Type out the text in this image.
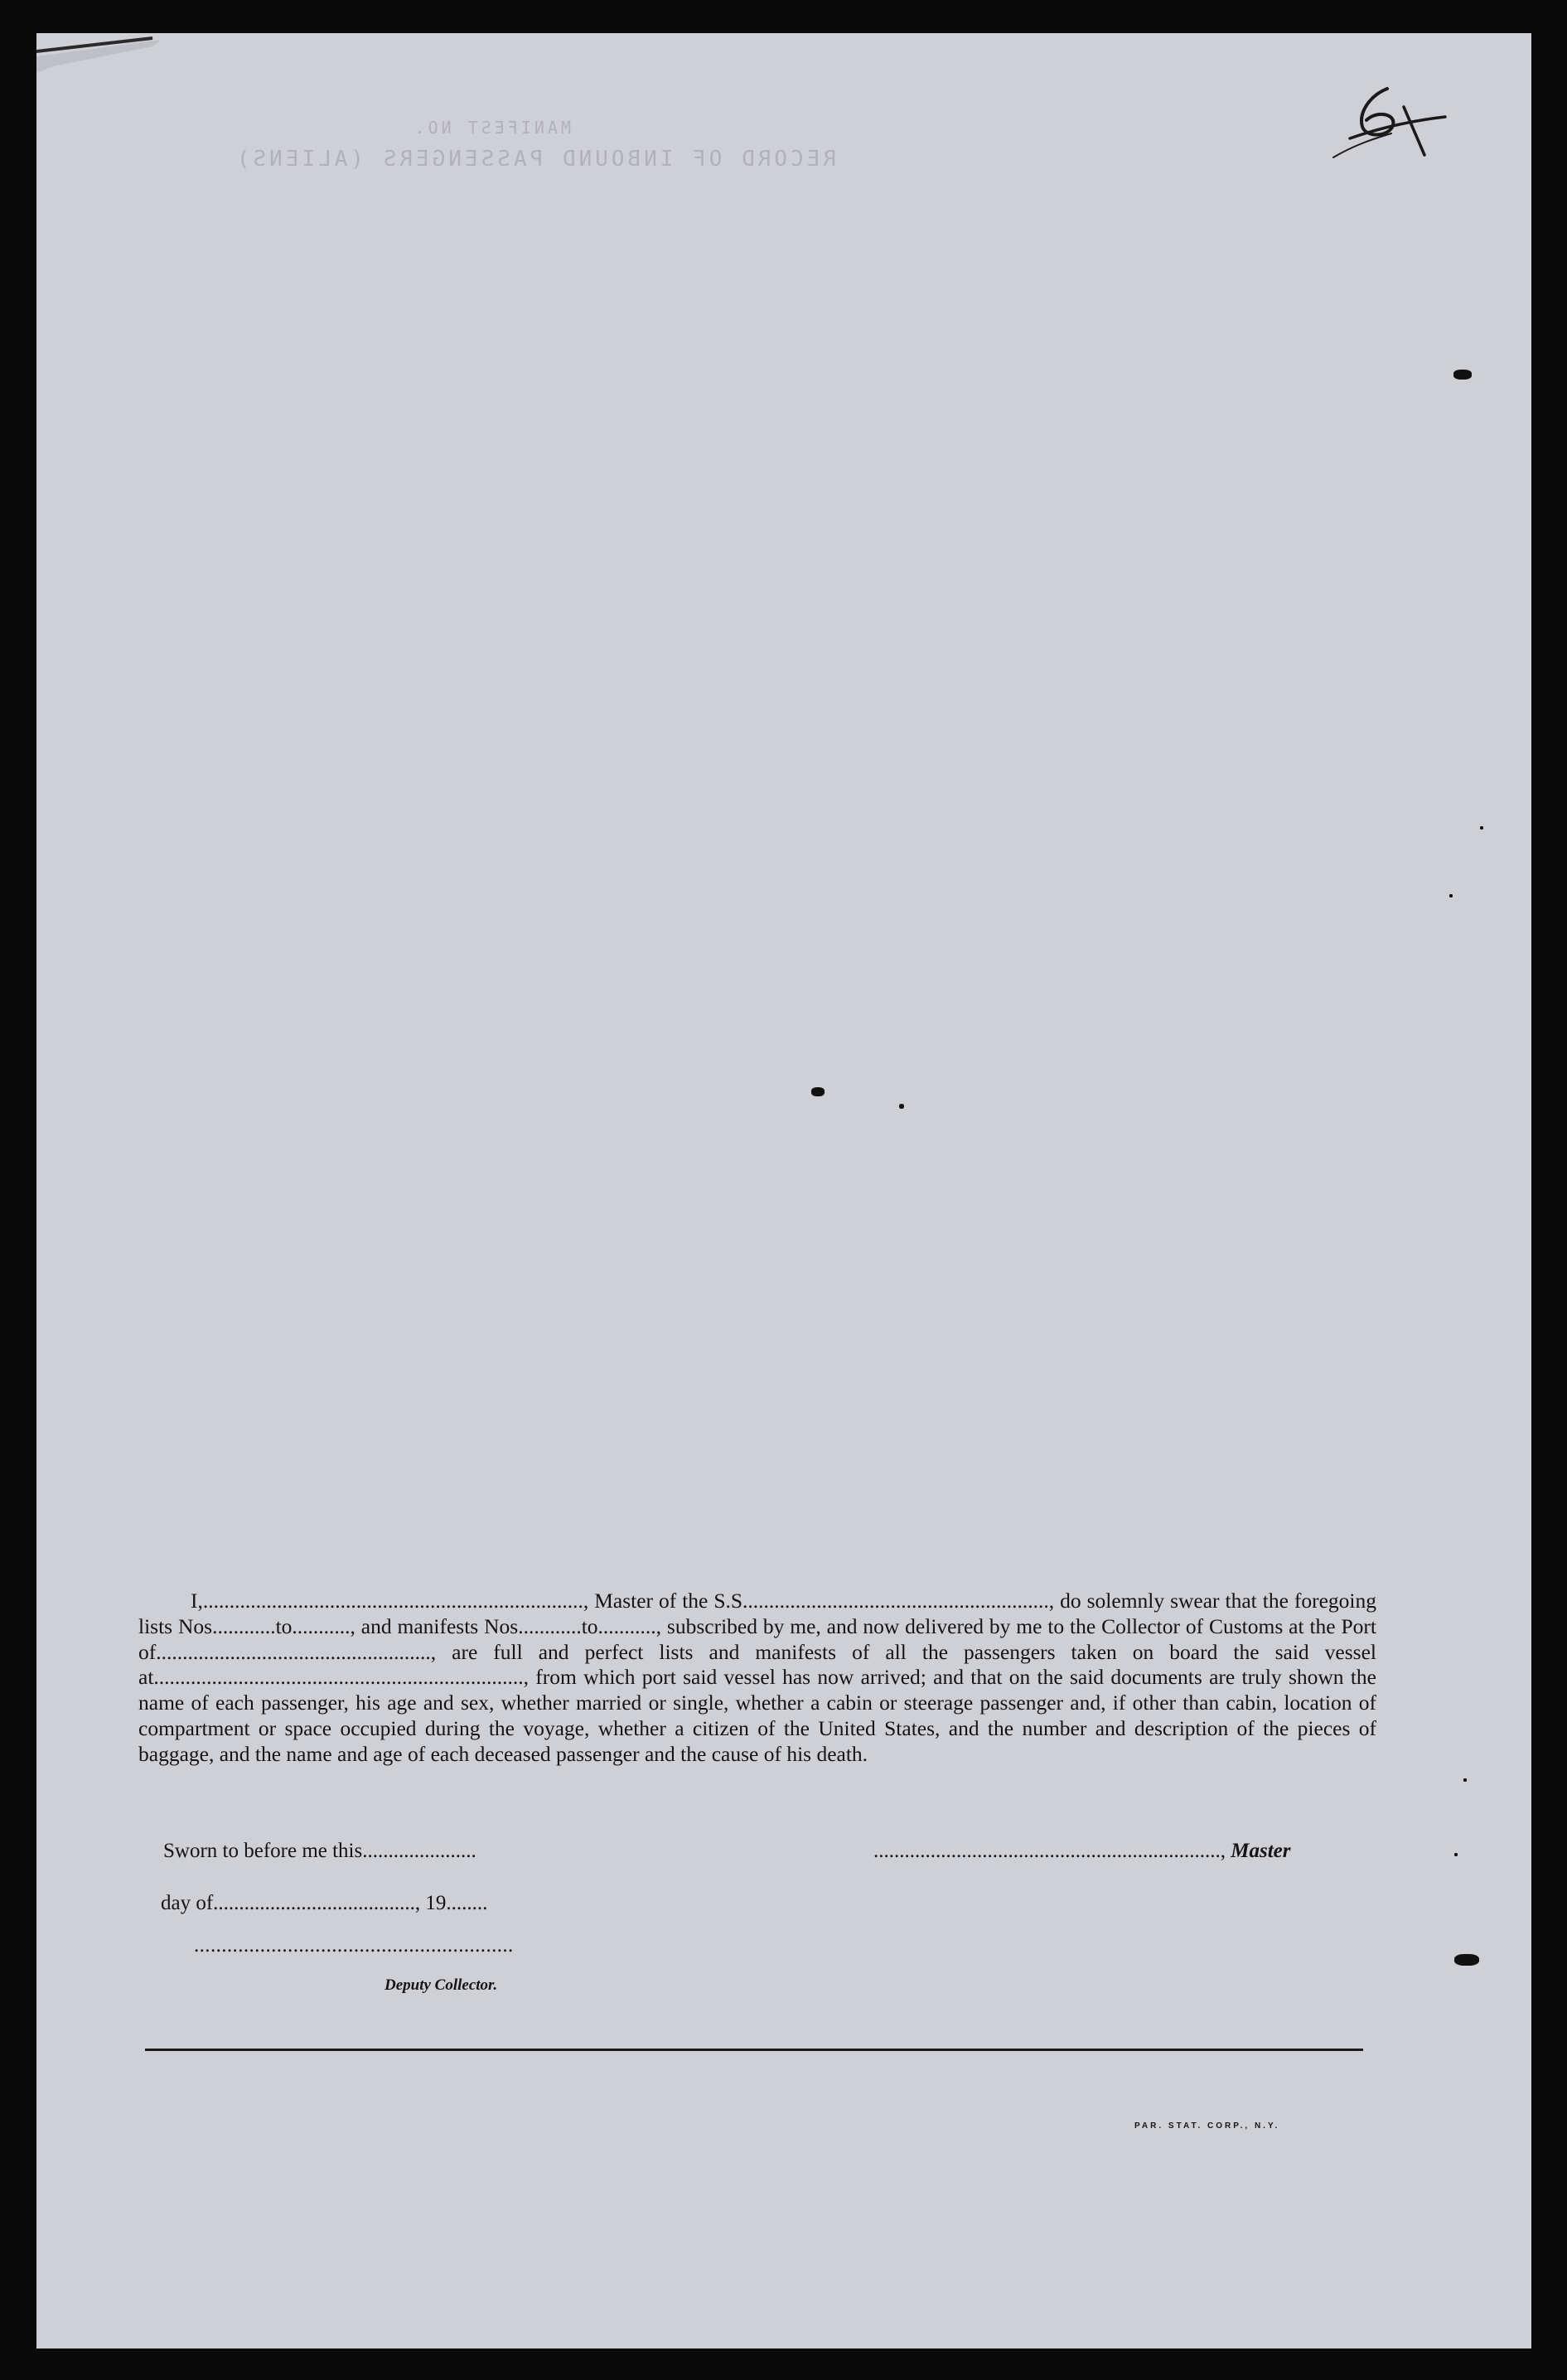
MANIFEST NO.
RECORD OF INBOUND PASSENGERS (ALIENS)

I,........................................................................, Master of the S.S.........................................................., do solemnly swear that the foregoing lists Nos............to..........., and manifests Nos............to..........., subscribed by me, and now delivered by me to the Collector of Customs at the Port of...................................................., are full and perfect lists and manifests of all the passengers taken on board the said vessel at......................................................................, from which port said vessel has now arrived; and that on the said documents are truly shown the name of each passenger, his age and sex, whether married or single, whether a cabin or steerage passenger and, if other than cabin, location of compartment or space occupied during the voyage, whether a citizen of the United States, and the number and description of the pieces of baggage, and the name and age of each deceased passenger and the cause of his death.

Sworn to before me this......................	..................................................................., Master

day of......................................., 19........

..........................................................

Deputy Collector.

PAR. STAT. CORP., N.Y.
